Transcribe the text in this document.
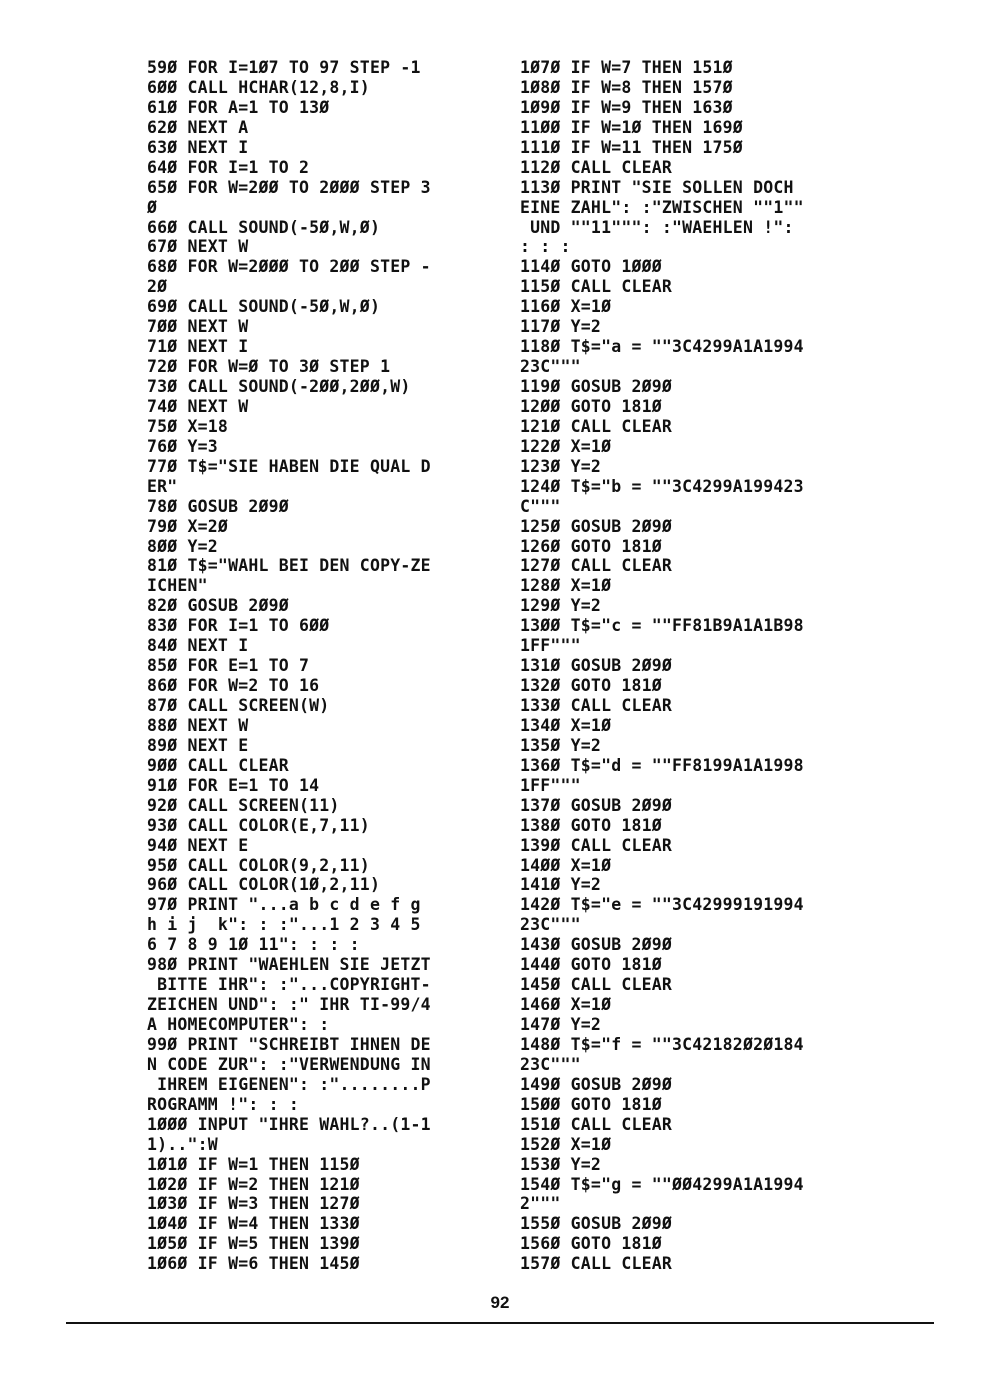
59Ø FOR I=1Ø7 TO 97 STEP -1
6ØØ CALL HCHAR(12,8,I)
61Ø FOR A=1 TO 13Ø
62Ø NEXT A
63Ø NEXT I
64Ø FOR I=1 TO 2
65Ø FOR W=2ØØ TO 2ØØØ STEP 3
Ø
66Ø CALL SOUND(-5Ø,W,Ø)
67Ø NEXT W
68Ø FOR W=2ØØØ TO 2ØØ STEP -
2Ø
69Ø CALL SOUND(-5Ø,W,Ø)
7ØØ NEXT W
71Ø NEXT I
72Ø FOR W=Ø TO 3Ø STEP 1
73Ø CALL SOUND(-2ØØ,2ØØ,W)
74Ø NEXT W
75Ø X=18
76Ø Y=3
77Ø T$="SIE HABEN DIE QUAL D
ER"
78Ø GOSUB 2Ø9Ø
79Ø X=2Ø
8ØØ Y=2
81Ø T$="WAHL BEI DEN COPY-ZE
ICHEN"
82Ø GOSUB 2Ø9Ø
83Ø FOR I=1 TO 6ØØ
84Ø NEXT I
85Ø FOR E=1 TO 7
86Ø FOR W=2 TO 16
87Ø CALL SCREEN(W)
88Ø NEXT W
89Ø NEXT E
9ØØ CALL CLEAR
91Ø FOR E=1 TO 14
92Ø CALL SCREEN(11)
93Ø CALL COLOR(E,7,11)
94Ø NEXT E
95Ø CALL COLOR(9,2,11)
96Ø CALL COLOR(1Ø,2,11)
97Ø PRINT "...a b c d e f g
h i j  k": : :"...1 2 3 4 5
6 7 8 9 1Ø 11": : : :
98Ø PRINT "WAEHLEN SIE JETZT
BITTE IHR": :"...COPYRIGHT-
ZEICHEN UND": :" IHR TI-99/4
A HOMECOMPUTER": :
99Ø PRINT "SCHREIBT IHNEN DE
N CODE ZUR": :"VERWENDUNG IN
IHREM EIGENEN": :"........P
ROGRAMM !": : :
1ØØØ INPUT "IHRE WAHL?..(1-1
1)..":W
1Ø1Ø IF W=1 THEN 115Ø
1Ø2Ø IF W=2 THEN 121Ø
1Ø3Ø IF W=3 THEN 127Ø
1Ø4Ø IF W=4 THEN 133Ø
1Ø5Ø IF W=5 THEN 139Ø
1Ø6Ø IF W=6 THEN 145Ø
1Ø7Ø IF W=7 THEN 151Ø
1Ø8Ø IF W=8 THEN 157Ø
1Ø9Ø IF W=9 THEN 163Ø
11ØØ IF W=1Ø THEN 169Ø
111Ø IF W=11 THEN 175Ø
112Ø CALL CLEAR
113Ø PRINT "SIE SOLLEN DOCH
EINE ZAHL": :"ZWISCHEN ""1""
UND ""11""": :"WAEHLEN !":
: : :
114Ø GOTO 1ØØØ
115Ø CALL CLEAR
116Ø X=1Ø
117Ø Y=2
118Ø T$="a = ""3C4299A1A1994
23C"""
119Ø GOSUB 2Ø9Ø
12ØØ GOTO 181Ø
121Ø CALL CLEAR
122Ø X=1Ø
123Ø Y=2
124Ø T$="b = ""3C4299A199423
C"""
125Ø GOSUB 2Ø9Ø
126Ø GOTO 181Ø
127Ø CALL CLEAR
128Ø X=1Ø
129Ø Y=2
13ØØ T$="c = ""FF81B9A1A1B98
1FF"""
131Ø GOSUB 2Ø9Ø
132Ø GOTO 181Ø
133Ø CALL CLEAR
134Ø X=1Ø
135Ø Y=2
136Ø T$="d = ""FF8199A1A1998
1FF"""
137Ø GOSUB 2Ø9Ø
138Ø GOTO 181Ø
139Ø CALL CLEAR
14ØØ X=1Ø
141Ø Y=2
142Ø T$="e = ""3C42999191994
23C"""
143Ø GOSUB 2Ø9Ø
144Ø GOTO 181Ø
145Ø CALL CLEAR
146Ø X=1Ø
147Ø Y=2
148Ø T$="f = ""3C42182Ø2Ø184
23C"""
149Ø GOSUB 2Ø9Ø
15ØØ GOTO 181Ø
151Ø CALL CLEAR
152Ø X=1Ø
153Ø Y=2
154Ø T$="g = ""ØØ4299A1A1994
2"""
155Ø GOSUB 2Ø9Ø
156Ø GOTO 181Ø
157Ø CALL CLEAR
92
